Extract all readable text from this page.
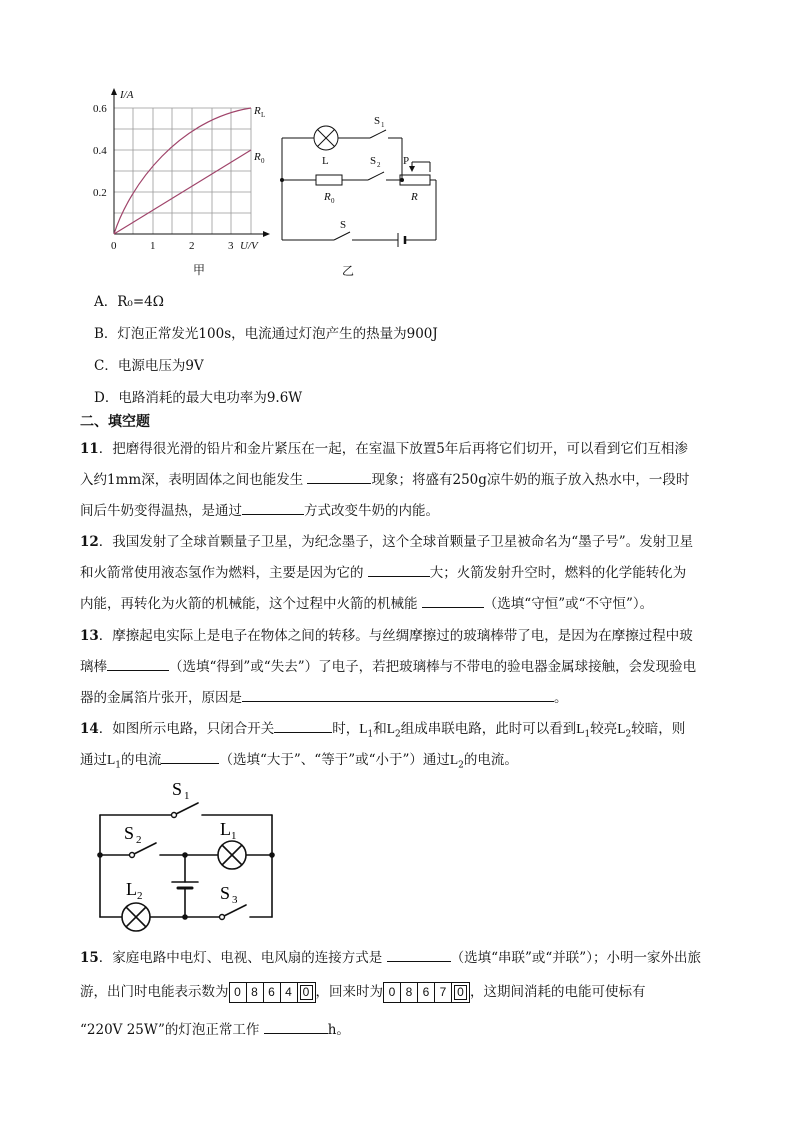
I/A
0.6
0.4
0.2
0	1	2	3 U/V
R L
R 0
甲
S 1
L	S 2 P
R 0	R
S
乙
A．R₀=4Ω
B．灯泡正常发光100s，电流通过灯泡产生的热量为900J
C．电源电压为9V
D．电路消耗的最大电功率为9.6W
二、填空题
11．把磨得很光滑的铅片和金片紧压在一起，在室温下放置5年后再将它们切开，可以看到它们互相渗
入约1mm深，表明固体之间也能发生	现象；将盛有250g凉牛奶的瓶子放入热水中，一段时
间后牛奶变得温热，是通过	方式改变牛奶的内能。
12．我国发射了全球首颗量子卫星，为纪念墨子，这个全球首颗量子卫星被命名为“墨子号”。发射卫星
和火箭常使用液态氢作为燃料，主要是因为它的	大；火箭发射升空时，燃料的化学能转化为
内能，再转化为火箭的机械能，这个过程中火箭的机械能	（选填“守恒”或“不守恒”）。
13．摩擦起电实际上是电子在物体之间的转移。与丝绸摩擦过的玻璃棒带了电，是因为在摩擦过程中玻
璃棒	（选填“得到”或“失去”）了电子，若把玻璃棒与不带电的验电器金属球接触，会发现验电
器的金属箔片张开，原因是	。
14．如图所示电路，只闭合开关	时，$L_1$和$L_2$组成串联电路，此时可以看到$L_1$较亮$L_2$较暗，则
通过$L_1$的电流	（选填“大于”、“等于”或“小于”）通过$L_2$的电流。
S 1
S 2
L 1
L 2	S 3
15．家庭电路中电灯、电视、电风扇的连接方式是	（选填“串联”或“并联”）；小明一家外出旅
游，出门时电能表示数为 0 8 6 4 0 ，回来时为 0 8 6 7 0 ，这期间消耗的电能可使标有
“220V 25W”的灯泡正常工作	h。
